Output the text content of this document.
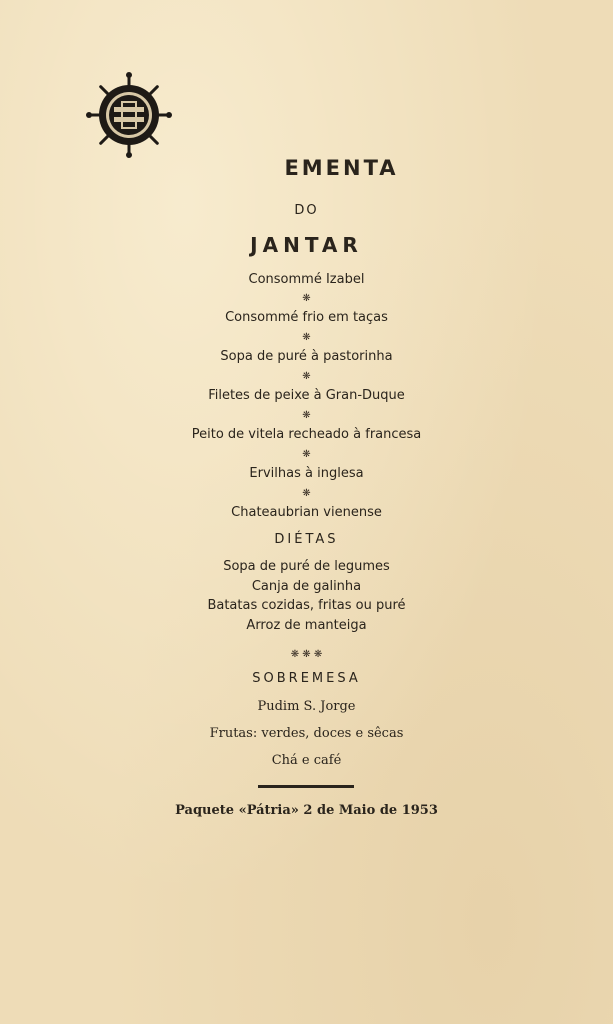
EMENTA
DO
JANTAR
Consommé Izabel
❋
Consommé frio em taças
❋
Sopa de puré à pastorinha
❋
Filetes de peixe à Gran-Duque
❋
Peito de vitela recheado à francesa
❋
Ervilhas à inglesa
❋
Chateaubrian vienense
DIÉTAS
Sopa de puré de legumes
Canja de galinha
Batatas cozidas, fritas ou puré
Arroz de manteiga
❋ ❋ ❋
SOBREMESA
Pudim S. Jorge
Frutas: verdes, doces e sêcas
Chá e café
Paquete «Pátria» 2 de Maio de 1953
